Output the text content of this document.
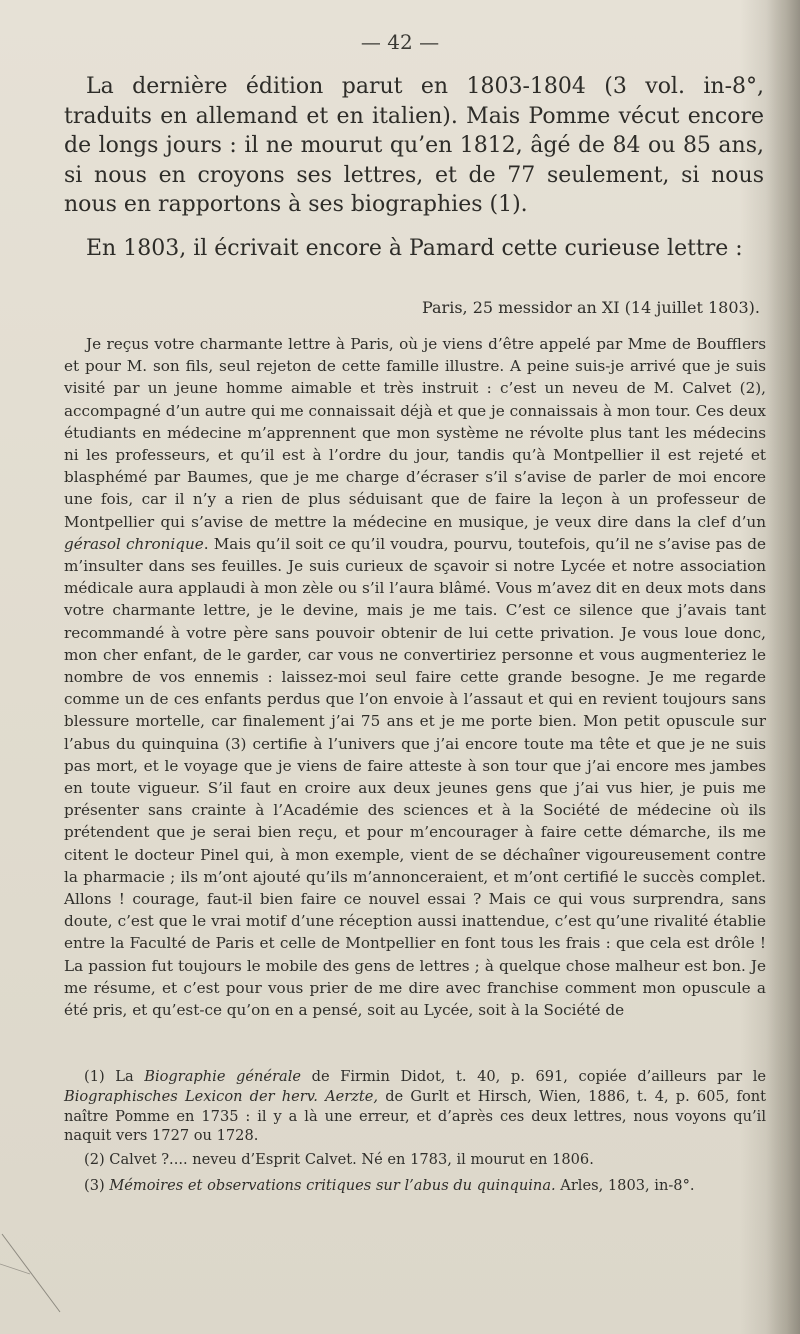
— 42 —

La dernière édition parut en 1803-1804 (3 vol. in-8°, traduits en allemand et en italien). Mais Pomme vécut encore de longs jours : il ne mourut qu’en 1812, âgé de 84 ou 85 ans, si nous en croyons ses lettres, et de 77 seulement, si nous nous en rapportons à ses biographies (1).

En 1803, il écrivait encore à Pamard cette curieuse lettre :
Paris, 25 messidor an XI (14 juillet 1803).

Je reçus votre charmante lettre à Paris, où je viens d’être appelé par Mme de Boufflers et pour M. son fils, seul rejeton de cette famille illustre. A peine suis-je arrivé que je suis visité par un jeune homme aimable et très instruit : c’est un neveu de M. Calvet (2), accompagné d’un autre qui me connaissait déjà et que je connaissais à mon tour. Ces deux étudiants en médecine m’apprennent que mon système ne révolte plus tant les médecins ni les professeurs, et qu’il est à l’ordre du jour, tandis qu’à Montpellier il est rejeté et blasphémé par Baumes, que je me charge d’écraser s’il s’avise de parler de moi encore une fois, car il n’y a rien de plus séduisant que de faire la leçon à un professeur de Montpellier qui s’avise de mettre la médecine en musique, je veux dire dans la clef d’un gérasol chronique. Mais qu’il soit ce qu’il voudra, pourvu, toutefois, qu’il ne s’avise pas de m’insulter dans ses feuilles. Je suis curieux de sçavoir si notre Lycée et notre association médicale aura applaudi à mon zèle ou s’il l’aura blâmé. Vous m’avez dit en deux mots dans votre charmante lettre, je le devine, mais je me tais. C’est ce silence que j’avais tant recommandé à votre père sans pouvoir obtenir de lui cette privation. Je vous loue donc, mon cher enfant, de le garder, car vous ne convertiriez personne et vous augmenteriez le nombre de vos ennemis : laissez-moi seul faire cette grande besogne. Je me regarde comme un de ces enfants perdus que l’on envoie à l’assaut et qui en revient toujours sans blessure mortelle, car finalement j’ai 75 ans et je me porte bien. Mon petit opuscule sur l’abus du quinquina (3) certifie à l’univers que j’ai encore toute ma tête et que je ne suis pas mort, et le voyage que je viens de faire atteste à son tour que j’ai encore mes jambes en toute vigueur. S’il faut en croire aux deux jeunes gens que j’ai vus hier, je puis me présenter sans crainte à l’Académie des sciences et à la Société de médecine où ils prétendent que je serai bien reçu, et pour m’encourager à faire cette démarche, ils me citent le docteur Pinel qui, à mon exemple, vient de se déchaîner vigoureusement contre la pharmacie ; ils m’ont ajouté qu’ils m’annonceraient, et m’ont certifié le succès complet. Allons ! courage, faut-il bien faire ce nouvel essai ? Mais ce qui vous surprendra, sans doute, c’est que le vrai motif d’une réception aussi inattendue, c’est qu’une rivalité établie entre la Faculté de Paris et celle de Montpellier en font tous les frais : que cela est drôle ! La passion fut toujours le mobile des gens de lettres ; à quelque chose malheur est bon. Je me résume, et c’est pour vous prier de me dire avec franchise comment mon opuscule a été pris, et qu’est-ce qu’on en a pensé, soit au Lycée, soit à la Société de

(1) La Biographie générale de Firmin Didot, t. 40, p. 691, copiée d’ailleurs par le Biographisches Lexicon der herv. Aerzte, de Gurlt et Hirsch, Wien, 1886, t. 4, p. 605, font naître Pomme en 1735 : il y a là une erreur, et d’après ces deux lettres, nous voyons qu’il naquit vers 1727 ou 1728.

(2) Calvet ?.... neveu d’Esprit Calvet. Né en 1783, il mourut en 1806.

(3) Mémoires et observations critiques sur l’abus du quinquina. Arles, 1803, in-8°.
